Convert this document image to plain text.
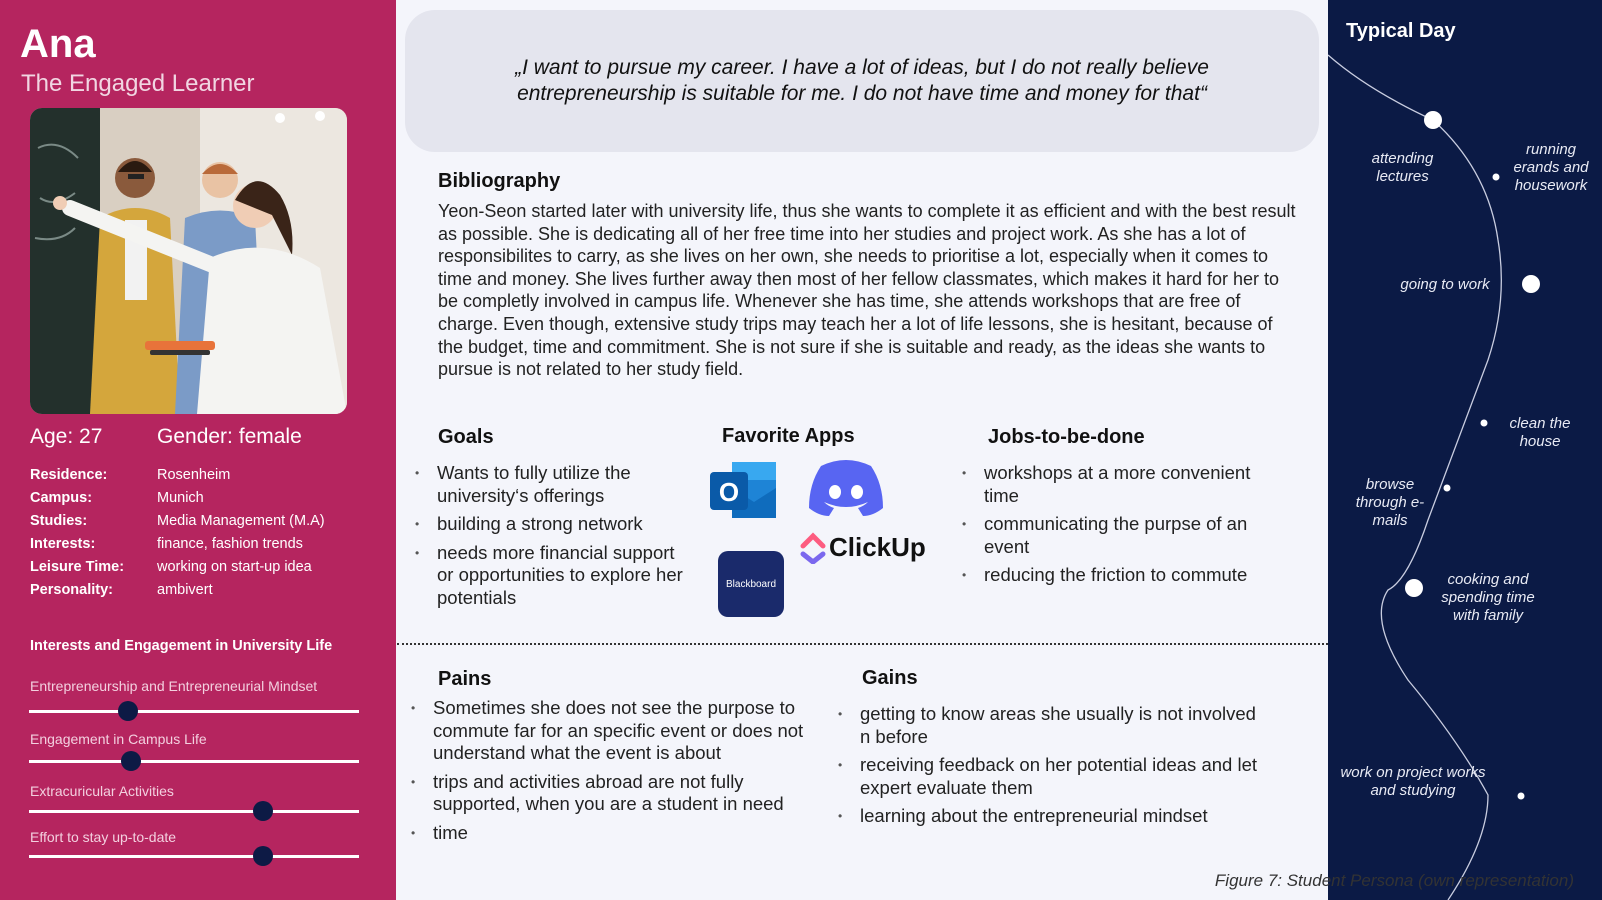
Ana
The Engaged Learner
Age: 27	Gender: female
Residence:	Rosenheim
Campus:	Munich
Studies:	Media Management (M.A)
Interests:	finance, fashion trends
Leisure Time: working on start-up idea
Personality:	ambivert
Interests and Engagement in University Life
Entrepreneurship and Entrepreneurial Mindset
Engagement in Campus Life
Extracuricular Activities
Effort to stay up-to-date

„I want to pursue my career. I have a lot of ideas, but I do not really believe entrepreneurship is suitable for me. I do not have time and money for that“

Bibliography

Yeon-Seon started later with university life, thus she wants to complete it as efficient and with the best result as possible. She is dedicating all of her free time into her studies and project work. As she has a lot of responsibilites to carry, as she lives on her own, she needs to prioritise a lot, especially when it comes to time and money. She lives further away then most of her fellow classmates, which makes it hard for her to be completly involved in campus life. Whenever she has time, she attends workshops that are free of charge. Even though, extensive study trips may teach her a lot of life lessons, she is hesitant, because of the budget, time and commitment. She is not sure if she is suitable and ready, as the ideas she wants to pursue is not related to her study field.

Goals
• Wants to fully utilize the university‘s offerings
• building a strong network
• needs more financial support or opportunities to explore her potentials
Favorite Apps
O
Blackboard
ClickUp
Jobs-to-be-done
• workshops at a more convenient time
• communicating the purpse of an event
• reducing the friction to commute
Pains
• Sometimes she does not see the purpose to commute far for an specific event or does not understand what the event is about
• trips and activities abroad are not fully supported, when you are a student in need
• time
Gains
• getting to know areas she usually is not involved n before
• receiving feedback on her potential ideas and let expert evaluate them
• learning about the entrepreneurial mindset
Typical Day
attending lectures
running erands and housework
going to work
clean the house
browse through e-mails
cooking and spending time with family
work on project works and studying
Figure 7: Student Persona (own representation)
